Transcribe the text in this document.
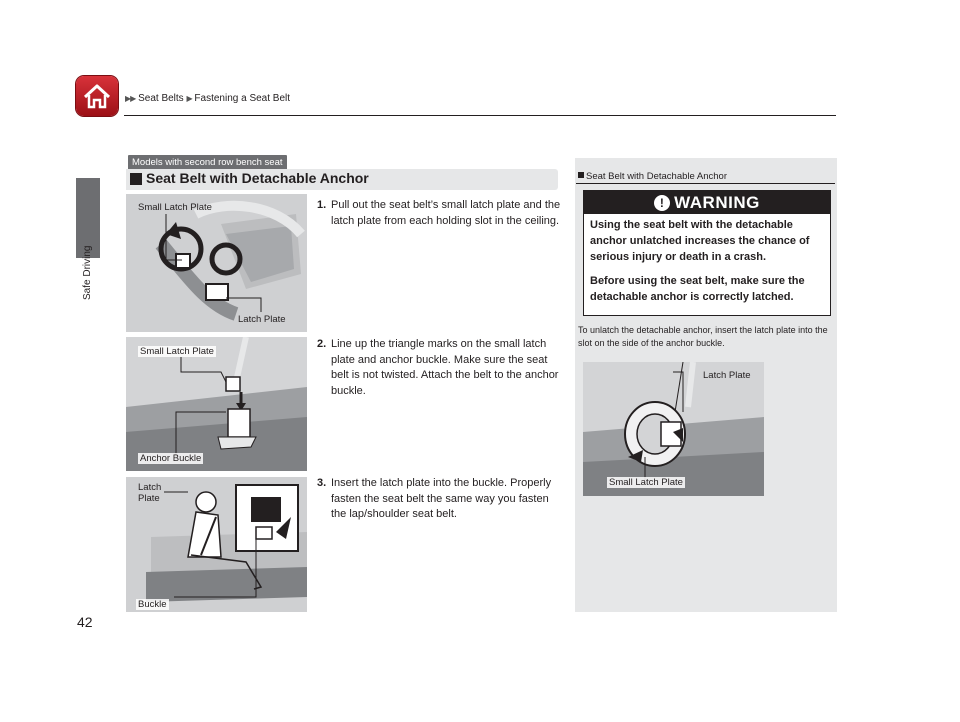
▶▶ Seat Belts ▶ Fastening a Seat Belt
Safe Driving
Models with second row bench seat
Seat Belt with Detachable Anchor
Small Latch Plate
Latch Plate
Small Latch Plate
Anchor Buckle
Latch
Plate
Buckle
1. Pull out the seat belt’s small latch plate and the latch plate from each holding slot in the ceiling.
2. Line up the triangle marks on the small latch plate and anchor buckle. Make sure the seat belt is not twisted. Attach the belt to the anchor buckle.
3. Insert the latch plate into the buckle. Properly fasten the seat belt the same way you fasten the lap/shoulder seat belt.
Seat Belt with Detachable Anchor
! WARNING
Using the seat belt with the detachable anchor unlatched increases the chance of serious injury or death in a crash.
Before using the seat belt, make sure the detachable anchor is correctly latched.
To unlatch the detachable anchor, insert the latch plate into the slot on the side of the anchor buckle.
Latch Plate
Small Latch Plate
42
